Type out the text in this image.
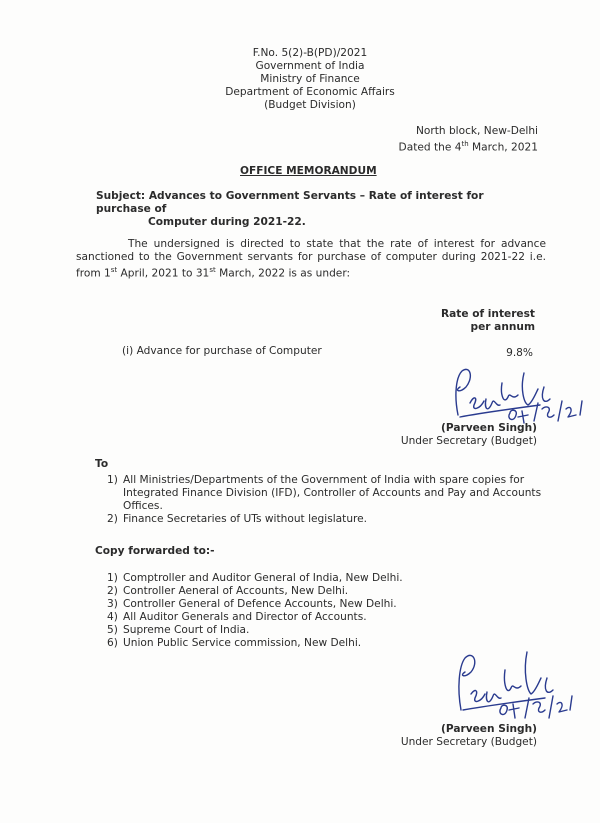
F.No. 5(2)-B(PD)/2021
Government of India
Ministry of Finance
Department of Economic Affairs
(Budget Division)
North block, New-Delhi
Dated the 4th March, 2021
OFFICE MEMORANDUM
Subject: Advances to Government Servants – Rate of interest for purchase of
Computer during 2021-22.

The undersigned is directed to state that the rate of interest for advance sanctioned to the Government servants for purchase of computer during 2021-22 i.e. from 1st April, 2021 to 31st March, 2022 is as under:

Rate of interest
per annum
(i) Advance for purchase of Computer	9.8%
(Parveen Singh)
Under Secretary (Budget)
To
1) All Ministries/Departments of the Government of India with spare copies for Integrated Finance Division (IFD), Controller of Accounts and Pay and Accounts Offices.
2) Finance Secretaries of UTs without legislature.
Copy forwarded to:-
1) Comptroller and Auditor General of India, New Delhi.
2) Controller Aeneral of Accounts, New Delhi.
3) Controller General of Defence Accounts, New Delhi.
4) All Auditor Generals and Director of Accounts.
5) Supreme Court of India.
6) Union Public Service commission, New Delhi.
(Parveen Singh)
Under Secretary (Budget)
